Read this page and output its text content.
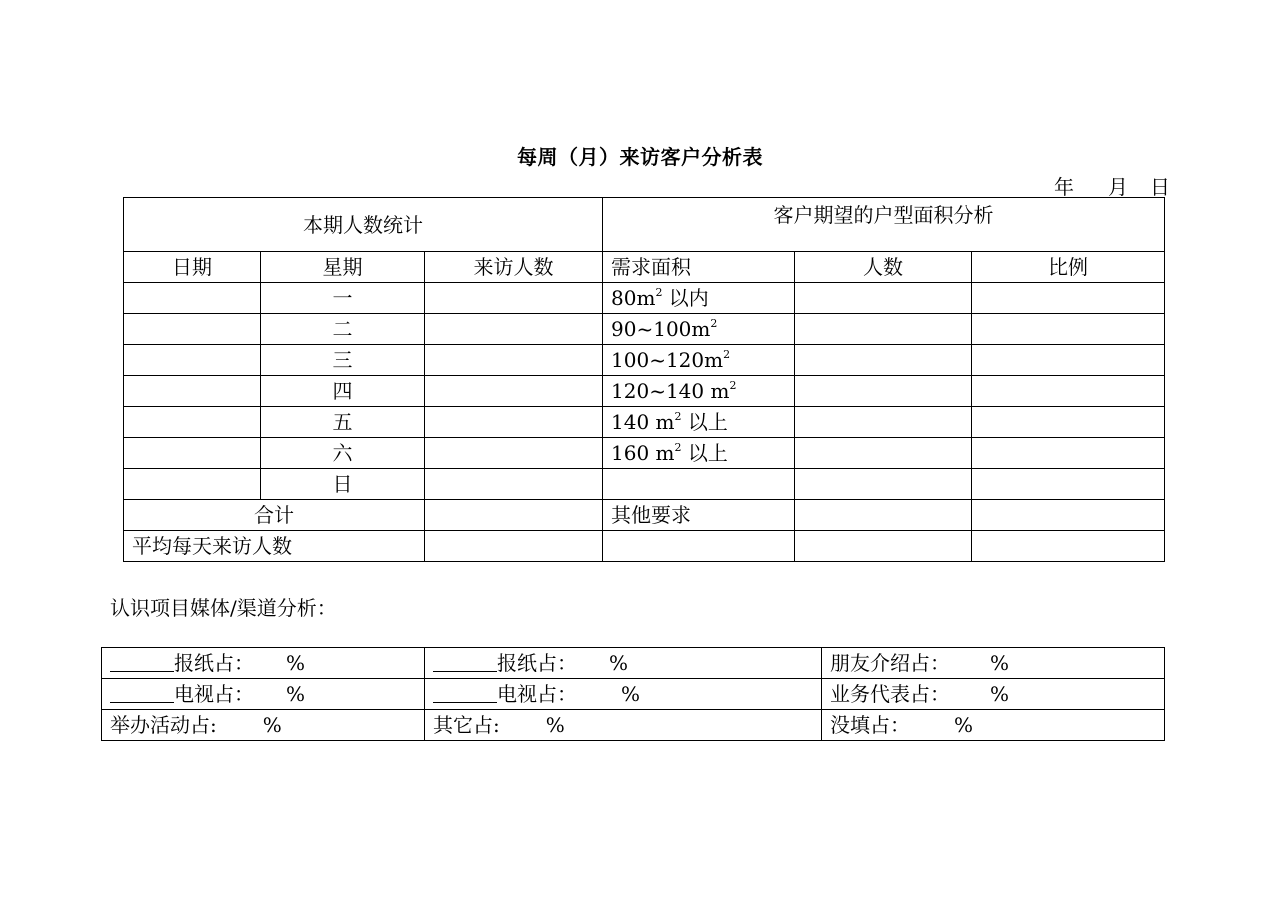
每周（月）来访客户分析表
年 月 日
本期人数统计			客户期望的户型面积分析		
日期	星期	来访人数	需求面积	人数	比例
	一		$80m^2$ 以内		
	二		$90\sim 100m^2$		
	三		$100\sim 120m^2$		
	四		120~140 $m^2$		
	五		140 $m^2$ 以上		
	六		160 $m^2$ 以上		
	日				
合计			其他要求		
平均每天来访人数					
认识项目媒体/渠道分析：
报纸占： %	报纸占： %	朋友介绍占： %
电视占： %	电视占： %	业务代表占： %
举办活动占: %	其它占: %	没填占： %
